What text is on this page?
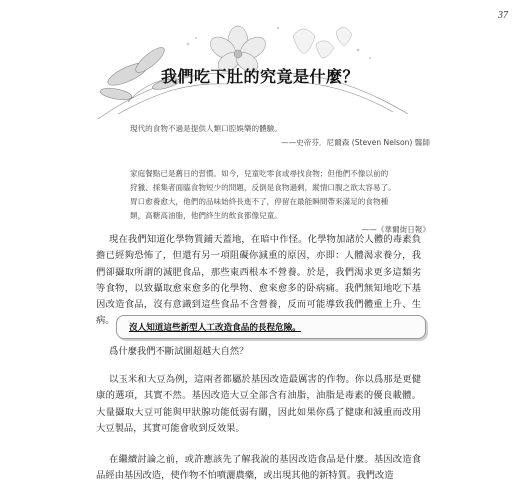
37
我們吃下肚的究竟是什麼？

現代的食物不過是提供人類口腔娛樂的體驗。

——史帝芬．尼爾森 (Steven Nelson) 醫師

家庭餐點已是舊日的習慣。如今，兒童吃零食或尋找食物；但他們不像以前的

狩獵、採集者面臨食物短少的問題，反倒是食物過剩，縱情口腹之欲太容易了。

胃口愈養愈大，他們的品味始終長進不了，停留在最能瞬間帶來滿足的食物種

類，高糖高油脂，他們終生的飲食都像兒童。

——《華爾街日報》

現在我們知道化學物質鋪天蓋地，在暗中作怪。化學物加諸於人體的毒素負擔已經夠恐怖了，但還有另一項阻礙你減重的原因，亦即：人體渴求養分，我們卻攝取所謂的減肥食品，那些東西根本不營養。於是，我們渴求更多這類劣等食物，以致攝取愈來愈多的化學物、愈來愈多的卧病痛。我們無知地吃下基因改造食品，沒有意識到這些食品不含營養，反而可能導致我們體重上升、生病。

沒人知道這些新型人工改造食品的長程危險。

爲什麼我們不斷試圖超越大自然？

以玉米和大豆為例，這兩者都屬於基因改造最厲害的作物。你以爲那是更健康的選項，其實不然。基因改造大豆全部含有油脂，油脂是毒素的優良載體。大量攝取大豆可能與甲狀腺功能低弱有關，因此如果你爲了健康和減重而改用大豆製品，其實可能會收到反效果。

在繼續討論之前，或許應該先了解我說的基因改造食品是什麼。基因改造食品經由基因改造，使作物不怕噴灑農藥，或出現其他的新特質。我們改造
